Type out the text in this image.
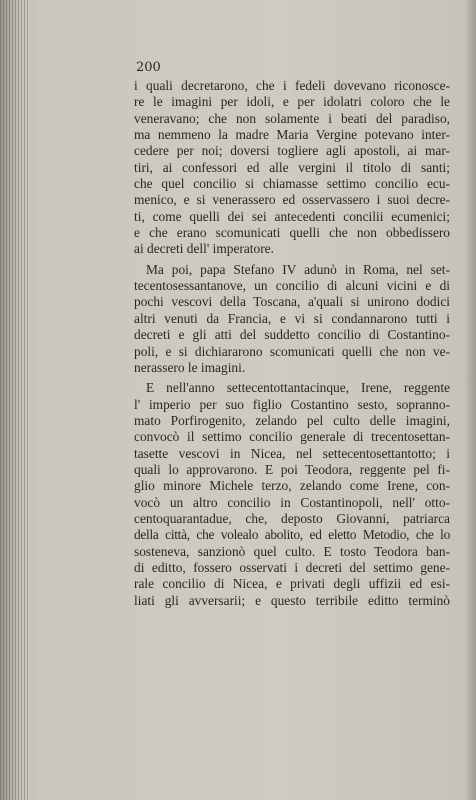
200
i quali decretarono, che i fedeli dovevano riconosce-
re le imagini per idoli, e per idolatri coloro che le
veneravano; che non solamente i beati del paradiso,
ma nemmeno la madre Maria Vergine potevano inter-
cedere per noi; doversi togliere agli apostoli, ai mar-
tiri, ai confessori ed alle vergini il titolo di santi;
che quel concilio si chiamasse settimo concilio ecu-
menico, e si venerassero ed osservassero i suoi decre-
ti, come quelli dei sei antecedenti concilii ecumenici;
e che erano scomunicati quelli che non obbedissero
ai decreti dell' imperatore.
Ma poi, papa Stefano IV adunò in Roma, nel set-
tecentosessantanove, un concilio di alcuni vicini e di
pochi vescovi della Toscana, a'quali si unirono dodici
altri venuti da Francia, e vi si condannarono tutti i
decreti e gli atti del suddetto concilio di Costantino-
poli, e si dichiararono scomunicati quelli che non ve-
nerassero le imagini.
E nell'anno settecentottantacinque, Irene, reggente
l' imperio per suo figlio Costantino sesto, sopranno-
mato Porfirogenito, zelando pel culto delle imagini,
convocò il settimo concilio generale di trecentosettan-
tasette vescovi in Nicea, nel settecentosettantotto; i
quali lo approvarono. E poi Teodora, reggente pel fi-
glio minore Michele terzo, zelando come Irene, con-
vocò un altro concilio in Costantinopoli, nell' otto-
centoquarantadue, che, deposto Giovanni, patriarca
della città, che volealo abolito, ed eletto Metodio, che lo
sosteneva, sanzionò quel culto. E tosto Teodora ban-
di editto, fossero osservati i decreti del settimo gene-
rale concilio di Nicea, e privati degli uffizii ed esi-
liati gli avversarii; e questo terribile editto terminò
